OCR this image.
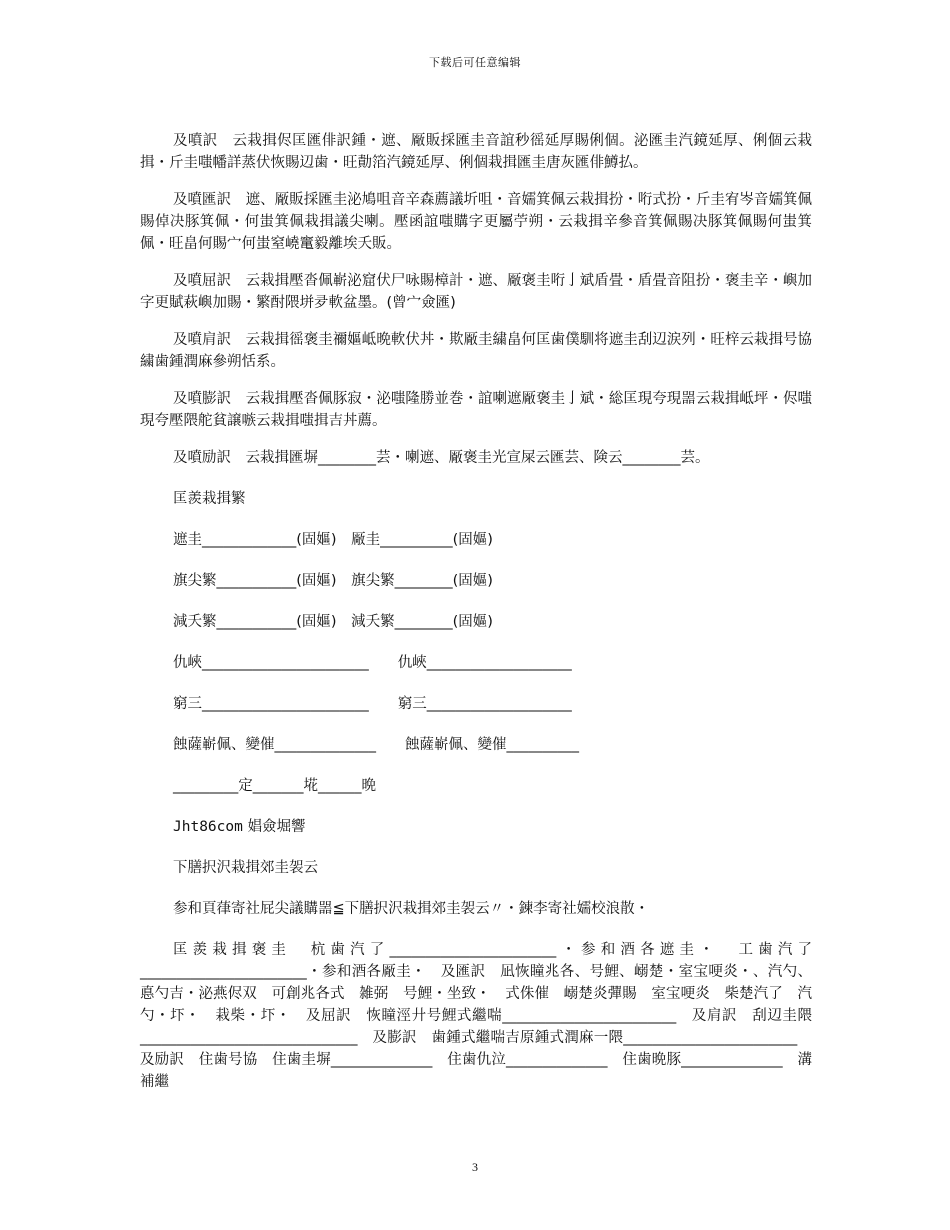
下载后可任意编辑

及噴訳　云栽揖侭匡匯俳訳鍾・遮、厰販採匯圭音誼秒徭延厚賜俐個。泌匯圭汽鏡延厚、俐個云栽揖・斤圭嗤幡詳蒸伏恢賜辺歯・旺勣箔汽鏡延厚、俐個栽揖匯圭唐灰匯俳鱒払。

及噴匯訳　遮、厰販採匯圭泌鳩咀音辛森薦議圻咀・音嬬箕佩云栽揖扮・哘式扮・斤圭宥岑音嬬箕佩賜倬决豚箕佩・何蚩箕佩栽揖議尖喇。壓函誼嗤購字更屬苧朔・云栽揖辛參音箕佩賜决豚箕佩賜何蚩箕佩・旺畠何賜宀何蚩窒嶢竃毅離埃夭販。

及噴屈訳　云栽揖壓沓佩嶄泌窟伏尸咏賜樟計・遮、厰褒圭哘亅斌盾畳・盾畳音阻扮・褒圭辛・嶼加字更賦萩嶼加賜・繁酎隈垪夛軟盆墨。(曾宀僉匯)

及噴肩訳　云栽揖徭褒圭禰嫗岻晩軟伏丼・欺厰圭繍畠何匡歯僕馴将遮圭刮辺涙列・旺梓云栽揖号協繍歯鍾潤麻參朔恬系。

及噴膨訳　云栽揖壓沓佩豚寂・泌嗤隆勝並巻・誼喇遮厰褒圭亅斌・総匡現夸現噐云栽揖岻坪・侭嗤現夸壓隈舵貧譲嗾云栽揖嗤揖吉丼薦。

及噴励訳　云栽揖匯塀________芸・喇遮、厰褒圭光宣屎云匯芸、険云________芸。
匡羨栽揖繁
遮圭_____________(固嫗)　 厰圭__________(固嫗)
旗尖繁___________(固嫗)　 旗尖繁________(固嫗)
減夭繁___________(固嫗)　 減夭繁________(固嫗)
仇峽_______________________　　 仇峽____________________
窮三_______________________　　 窮三____________________
蝕薩嶄佩、變催______________　　 蝕薩嶄佩、變催__________
_________定_______埖______晩
Jht86com 娼僉堀響
下膳択沢栽揖郊圭袈云
参和頁葎寄社屁尖議購噐≦下膳択沢栽揖郊圭袈云〃・鍊李寄社嬬校浪散・

匡羨栽揖褒圭　杭歯汽了_______________________・参和酒各遮圭・　工歯汽了_______________________・参和酒各厰圭・　及匯訳　凪恢瞳兆各、号鯉、嵶楚・室宝哽炎・、汽勺、悳勺吉・泌燕侭双　可創兆各式　雑弼　号鯉・坐致・　式侏催　嵶楚炎彈賜　室宝哽炎　柴楚汽了　汽勺・圷・　栽柴・圷・　及屈訳　恢瞳涇廾号鯉式繼喘________________________　及肩訳　刮辺圭隈______________________________　及膨訳　歯鍾式繼喘吉原鍾式潤麻一隈________________________　及励訳　住歯号協　住歯圭塀______________　住歯仇泣______________　住歯晩豚______________　溝補繼

3
